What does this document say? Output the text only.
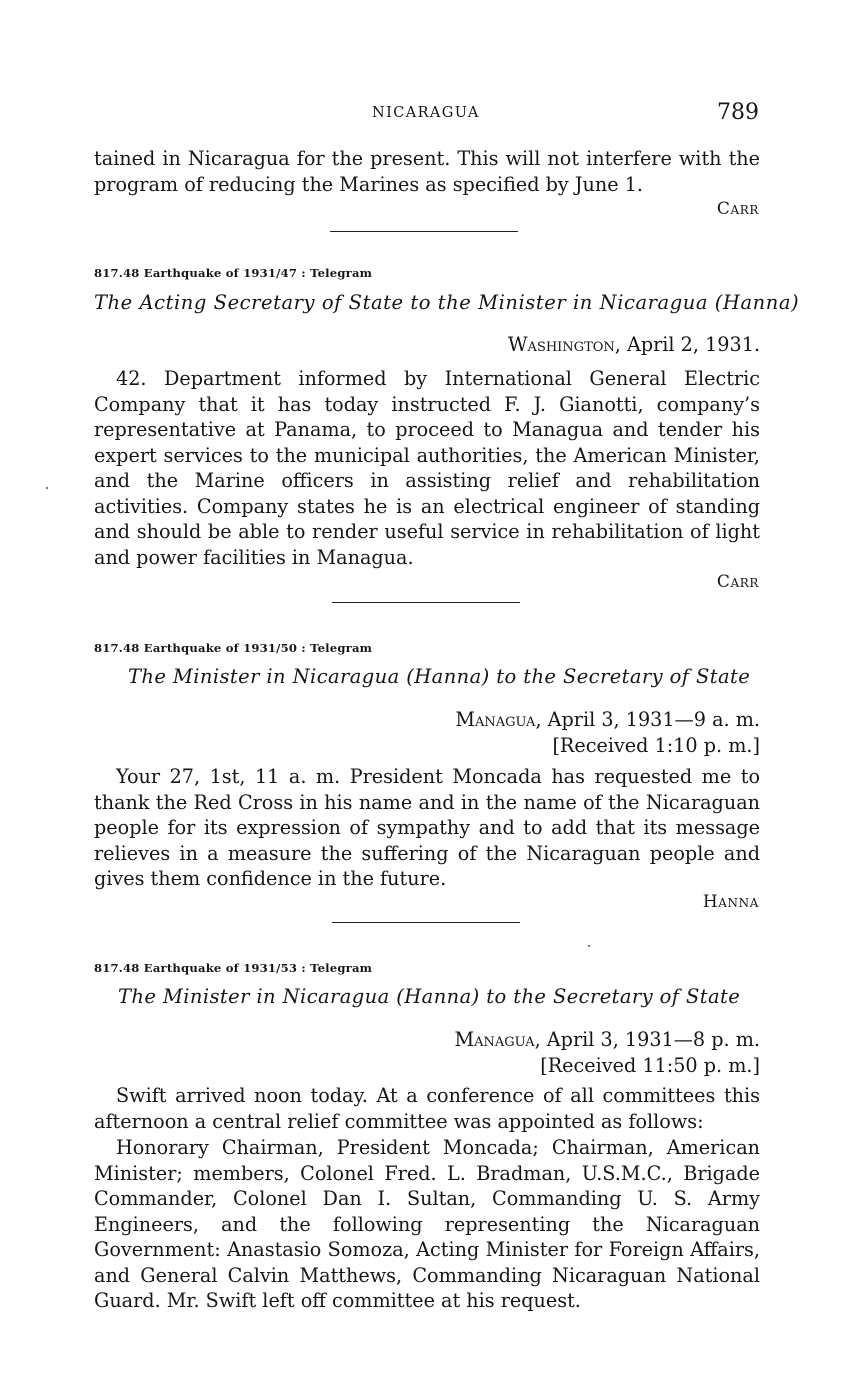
NICARAGUA	789

tained in Nicaragua for the present. This will not interfere with the program of reducing the Marines as specified by June 1.

Carr
817.48 Earthquake of 1931/47 : Telegram
The Acting Secretary of State to the Minister in Nicaragua (Hanna)
Washington, April 2, 1931.

42. Department informed by International General Electric Company that it has today instructed F. J. Gianotti, company’s representative at Panama, to proceed to Managua and tender his expert services to the municipal authorities, the American Minister, and the Marine officers in assisting relief and rehabilitation activities. Company states he is an electrical engineer of standing and should be able to render useful service in rehabilitation of light and power facilities in Managua.

Carr
817.48 Earthquake of 1931/50 : Telegram
The Minister in Nicaragua (Hanna) to the Secretary of State
Managua, April 3, 1931—9 a. m.
[Received 1:10 p. m.]

Your 27, 1st, 11 a. m. President Moncada has requested me to thank the Red Cross in his name and in the name of the Nicaraguan people for its expression of sympathy and to add that its message relieves in a measure the suffering of the Nicaraguan people and gives them confidence in the future.

Hanna
817.48 Earthquake of 1931/53 : Telegram
The Minister in Nicaragua (Hanna) to the Secretary of State
Managua, April 3, 1931—8 p. m.
[Received 11:50 p. m.]

Swift arrived noon today. At a conference of all committees this afternoon a central relief committee was appointed as follows:

Honorary Chairman, President Moncada; Chairman, American Minister; members, Colonel Fred. L. Bradman, U.S.M.C., Brigade Commander, Colonel Dan I. Sultan, Commanding U. S. Army Engineers, and the following representing the Nicaraguan Government: Anastasio Somoza, Acting Minister for Foreign Affairs, and General Calvin Matthews, Commanding Nicaraguan National Guard. Mr. Swift left off committee at his request.
